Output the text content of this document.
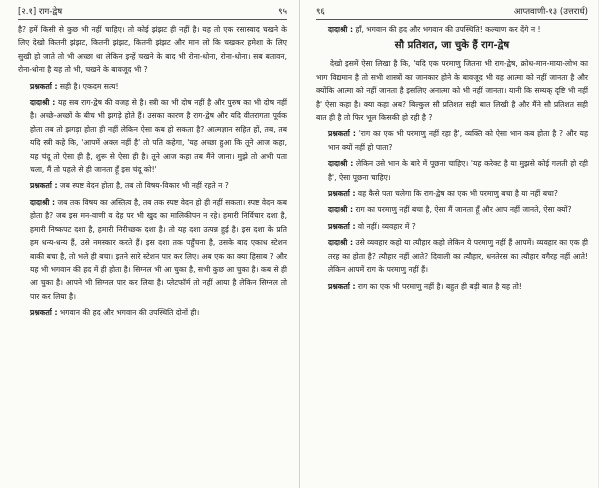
[२.१] राग-द्वेष	९५

है? हमें किसी से कुछ भी नहीं चाहिए। तो कोई झंझट ही नहीं है। यह तो एक रसास्वाद चखने के लिए देखो कितनी झंझट, कितनी झंझट, कितनी झंझट और मान लो कि चखकर हमेशा के लिए सुखी हो जाते तो भी अच्छा था लेकिन इन्हें चखने के बाद भी रोना-धोना, रोना-धोना। सब बतावन, रोना-धोना है यह तो भी, चखने के बावजूद भी ?

प्रश्नकर्ता : सही है। एकदम सत्य!

दादाश्री : यह सब राग-द्वेष की वजह से है। स्त्री का भी दोष नहीं है और पुरुष का भी दोष नहीं है। अच्छे-अच्छों के बीच भी झगड़े होते हैं। उसका कारण है राग-द्वेष और यदि वीतरागता पूर्वक होता तब तो झगड़ा होता ही नहीं लेकिन ऐसा कब हो सकता है? आत्मज्ञान सहित हों, तब, तब यदि स्त्री कहे कि, 'आपमें अक्ल नहीं है' तो पति कहेगा, 'यह अच्छा हुआ कि तूने आज कहा, यह चंदू तो ऐसा ही है, शुरू से ऐसा ही है। तूने आज कहा तब मैंने जाना। मुझे तो अभी पता चला, मैं तो पहले से ही जानता हूँ इस चंदू को!'

प्रश्नकर्ता : जब स्पष्ट वेदन होता है, तब तो विषय-विकार भी नहीं रहते न ?

दादाश्री : जब तक विषय का अस्तित्व है, तब तक स्पष्ट वेदन हो ही नहीं सकता। स्पष्ट वेदन कब होता है? जब इस मन-वाणी व देह पर भी खुद का मालिकीपन न रहे। हमारी निर्विचार दशा है, हमारी निष्कपट दशा है, हमारी निरीच्छक दशा है। तो यह दशा उत्पन्न हुई है। इस दशा के प्रति हम धन्य-धन्य हैं, उसे नमस्कार करते हैं। इस दशा तक पहुँचना है, उसके बाद एकाध स्टेशन बाकी बचा है, तो भले ही बचा। इतने सारे स्टेशन पार कर लिए। अब एक का क्या हिसाब ? और यह भी भगवान की हद में ही होता है। सिग्नल भी आ चुका है, सभी कुछ आ चुका है। कब से ही आ चुका है। आपने भी सिग्नल पार कर लिया है। प्लेटफॉर्म तो नहीं आया है लेकिन सिग्नल तो पार कर लिया है।

प्रश्नकर्ता : भगवान की हद और भगवान की उपस्थिति दोनों ही।

९६	आप्तवाणी-१३ (उत्तरार्ध)

दादाश्री : हाँ, भगवान की हद और भगवान की उपस्थिति! कल्याण कर देंगे न !

सौ प्रतिशत, जा चुके हैं राग-द्वेष

देखो इसमें ऐसा लिखा है कि, 'यदि एक परमाणु जितना भी राग-द्वेष, क्रोध-मान-माया-लोभ का भाग विद्यमान है तो सभी शास्त्रों का जानकार होने के बावजूद भी वह आत्मा को नहीं जानता है और क्योंकि आत्मा को नहीं जानता है इसलिए अनात्मा को भी नहीं जानता। यानी कि सम्यक् दृष्टि भी नहीं है' ऐसा कहा है। क्या कहा अब? बिल्कुल सौ प्रतिशत सही बात लिखी है और मैंने सौ प्रतिशत सही बात ही है तो फिर भूल किसकी हो रही है ?

प्रश्नकर्ता : 'राग का एक भी परमाणु नहीं रहा है', व्यक्ति को ऐसा भान कब होता है ? और यह भान क्यों नहीं हो पाता?

दादाश्री : लेकिन उसे भान के बारे में पूछना चाहिए। 'यह करेक्ट है या मुझसे कोई गलती हो रही है', ऐसा पूछना चाहिए।

प्रश्नकर्ता : वह कैसे पता चलेगा कि राग-द्वेष का एक भी परमाणु बचा है या नहीं बचा?

दादाश्री : राग का परमाणु नहीं बचा है, ऐसा मैं जानता हूँ और आप नहीं जानते, ऐसा क्यों?

प्रश्नकर्ता : वो नहीं। व्यवहार में ?

दादाश्री : उसे व्यवहार कहो या त्यौहार कहो लेकिन ये परमाणु नहीं हैं आपमें। व्यवहार का एक ही तरह का होता है? त्यौहार नहीं आते? दिवाली का त्यौहार, धनतेरस का त्यौहार वगैरह नहीं आते! लेकिन आपमें राग के परमाणु नहीं हैं।

प्रश्नकर्ता : राग का एक भी परमाणु नहीं है। बहुत ही बड़ी बात है यह तो!
